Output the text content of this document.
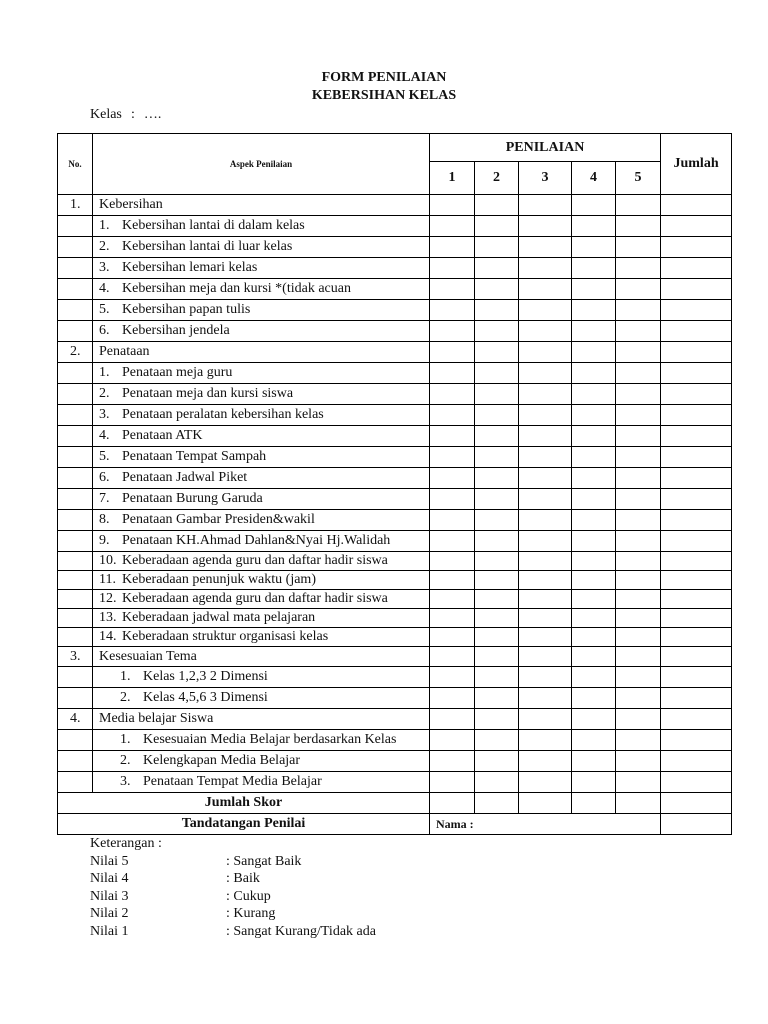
FORM PENILAIAN
KEBERSIHAN KELAS
Kelas : ….
No.	Aspek Penilaian	PENILAIAN					Jumlah
		1	2	3	4	5	
1.	Kebersihan						
	1. Kebersihan lantai di dalam kelas						
	2. Kebersihan lantai di luar kelas						
	3. Kebersihan lemari kelas						
	4. Kebersihan meja dan kursi *(tidak acuan						
	5. Kebersihan papan tulis						
	6. Kebersihan jendela						
2.	Penataan						
	1. Penataan meja guru						
	2. Penataan meja dan kursi siswa						
	3. Penataan peralatan kebersihan kelas						
	4. Penataan ATK						
	5. Penataan Tempat Sampah						
	6. Penataan Jadwal Piket						
	7. Penataan Burung Garuda						
	8. Penataan Gambar Presiden&wakil						
	9. Penataan KH.Ahmad Dahlan&Nyai Hj.Walidah						
	10. Keberadaan agenda guru dan daftar hadir siswa						
	11. Keberadaan penunjuk waktu (jam)						
	12. Keberadaan agenda guru dan daftar hadir siswa						
	13. Keberadaan jadwal mata pelajaran						
	14. Keberadaan struktur organisasi kelas						
3.	Kesesuaian Tema						
	1. Kelas 1,2,3 2 Dimensi						
	2. Kelas 4,5,6 3 Dimensi						
4.	Media belajar Siswa						
	1. Kesesuaian Media Belajar berdasarkan Kelas						
	2. Kelengkapan Media Belajar						
	3. Penataan Tempat Media Belajar						
Jumlah Skor							
Tandatangan Penilai		Nama :					
Keterangan :
Nilai 5	: Sangat Baik
Nilai 4	: Baik
Nilai 3	: Cukup
Nilai 2	: Kurang
Nilai 1	: Sangat Kurang/Tidak ada
